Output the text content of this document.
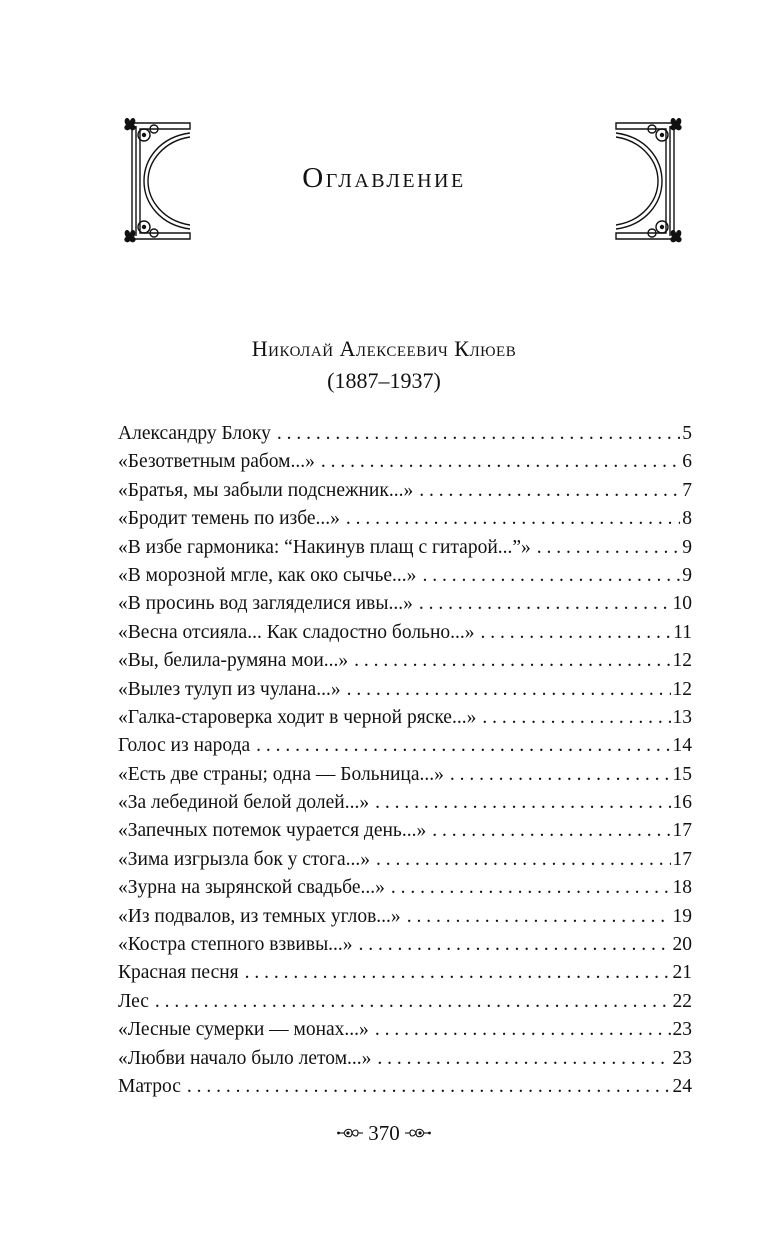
Оглавление
Николай Алексеевич Клюев
(1887–1937)
Александру Блоку . . .	5
«Безответным рабом...» . . .	6
«Братья, мы забыли подснежник...» . . .	7
«Бродит темень по избе...» . . .	8
«В избе гармоника: “Накинув плащ с гитарой...”» . . .	9
«В морозной мгле, как око сычье...» . . .	9
«В просинь вод загляделися ивы...» . . .	10
«Весна отсияла... Как сладостно больно...» . . .	11
«Вы, белила-румяна мои...» . . .	12
«Вылез тулуп из чулана...» . . .	12
«Галка-староверка ходит в черной ряске...» . . .	13
Голос из народа . . .	14
«Есть две страны; одна — Больница...» . . .	15
«За лебединой белой долей...» . . .	16
«Запечных потемок чурается день...» . . .	17
«Зима изгрызла бок у стога...» . . .	17
«Зурна на зырянской свадьбе...» . . .	18
«Из подвалов, из темных углов...» . . .	19
«Костра степного взвивы...» . . .	20
Красная песня . . .	21
Лес . . .	22
«Лесные сумерки — монах...» . . .	23
«Любви начало было летом...» . . .	23
Матрос . . .	24
370
